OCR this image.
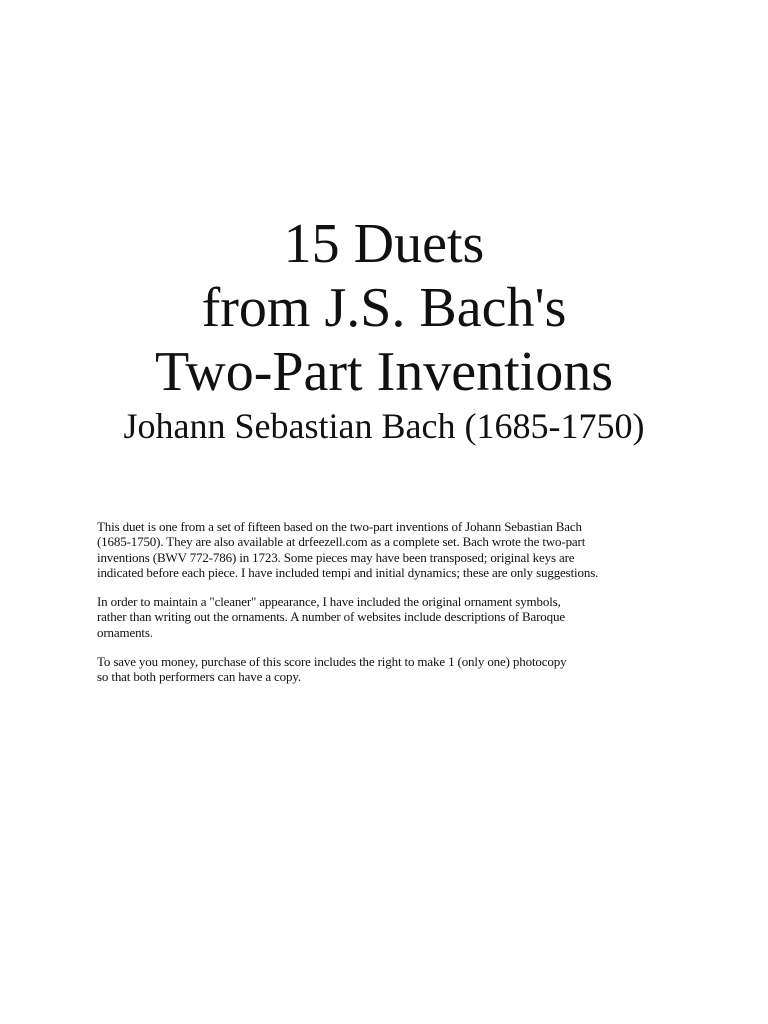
15 Duets
from J.S. Bach's
Two-Part Inventions
Johann Sebastian Bach (1685-1750)

This duet is one from a set of fifteen based on the two-part inventions of Johann Sebastian Bach
(1685-1750). They are also available at drfeezell.com as a complete set. Bach wrote the two-part
inventions (BWV 772-786) in 1723. Some pieces may have been transposed; original keys are
indicated before each piece. I have included tempi and initial dynamics; these are only suggestions.

In order to maintain a "cleaner" appearance, I have included the original ornament symbols,
rather than writing out the ornaments. A number of websites include descriptions of Baroque
ornaments.

To save you money, purchase of this score includes the right to make 1 (only one) photocopy
so that both performers can have a copy.
